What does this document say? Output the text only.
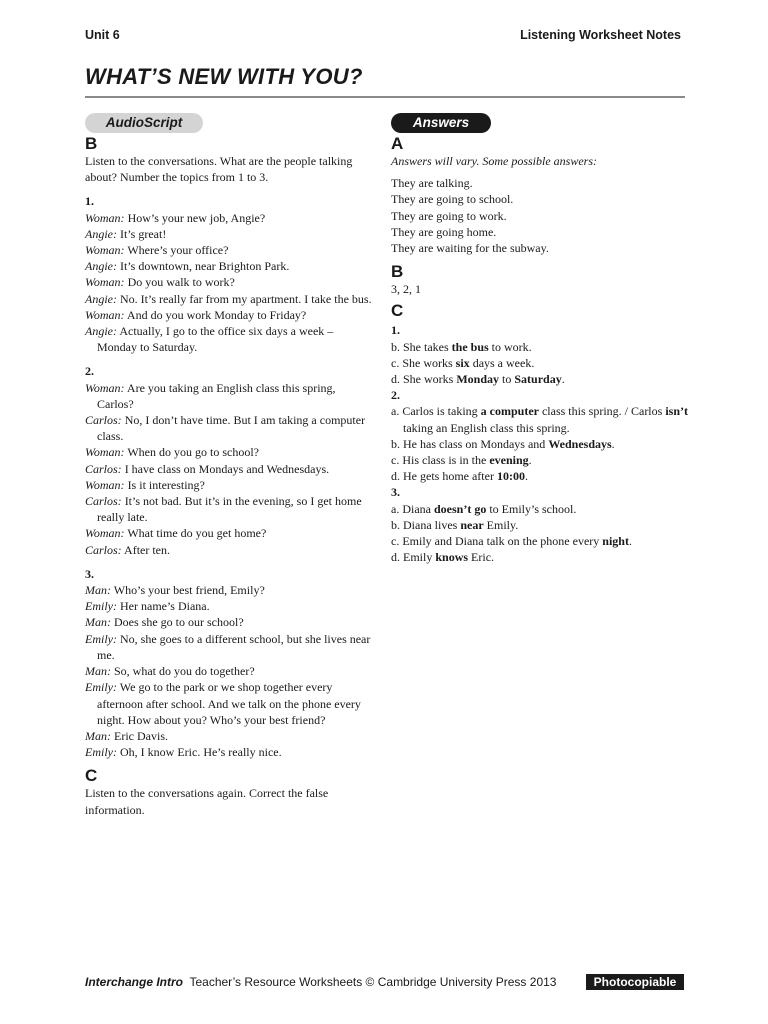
Unit 6	Listening Worksheet Notes
WHAT’S NEW WITH YOU?
AudioScript
B

Listen to the conversations. What are the people talking about? Number the topics from 1 to 3.

1.

Woman: How’s your new job, Angie?

Angie: It’s great!

Woman: Where’s your office?

Angie: It’s downtown, near Brighton Park.

Woman: Do you walk to work?

Angie: No. It’s really far from my apartment. I take the bus.

Woman: And do you work Monday to Friday?

Angie: Actually, I go to the office six days a week – Monday to Saturday.

2.

Woman: Are you taking an English class this spring, Carlos?

Carlos: No, I don’t have time. But I am taking a computer class.

Woman: When do you go to school?

Carlos: I have class on Mondays and Wednesdays.

Woman: Is it interesting?

Carlos: It’s not bad. But it’s in the evening, so I get home really late.

Woman: What time do you get home?

Carlos: After ten.

3.

Man: Who’s your best friend, Emily?

Emily: Her name’s Diana.

Man: Does she go to our school?

Emily: No, she goes to a different school, but she lives near me.

Man: So, what do you do together?

Emily: We go to the park or we shop together every afternoon after school. And we talk on the phone every night. How about you? Who’s your best friend?

Man: Eric Davis.

Emily: Oh, I know Eric. He’s really nice.

C

Listen to the conversations again. Correct the false information.

Answers
A

Answers will vary. Some possible answers:

They are talking.

They are going to school.

They are going to work.

They are going home.

They are waiting for the subway.

B

3, 2, 1

C

1.

b. She takes the bus to work.

c. She works six days a week.

d. She works Monday to Saturday.

2.

a. Carlos is taking a computer class this spring. / Carlos isn’t taking an English class this spring.

b. He has class on Mondays and Wednesdays.

c. His class is in the evening.

d. He gets home after 10:00.

3.

a. Diana doesn’t go to Emily’s school.

b. Diana lives near Emily.

c. Emily and Diana talk on the phone every night.

d. Emily knows Eric.

Interchange Intro Teacher’s Resource Worksheets © Cambridge University Press 2013	Photocopiable
